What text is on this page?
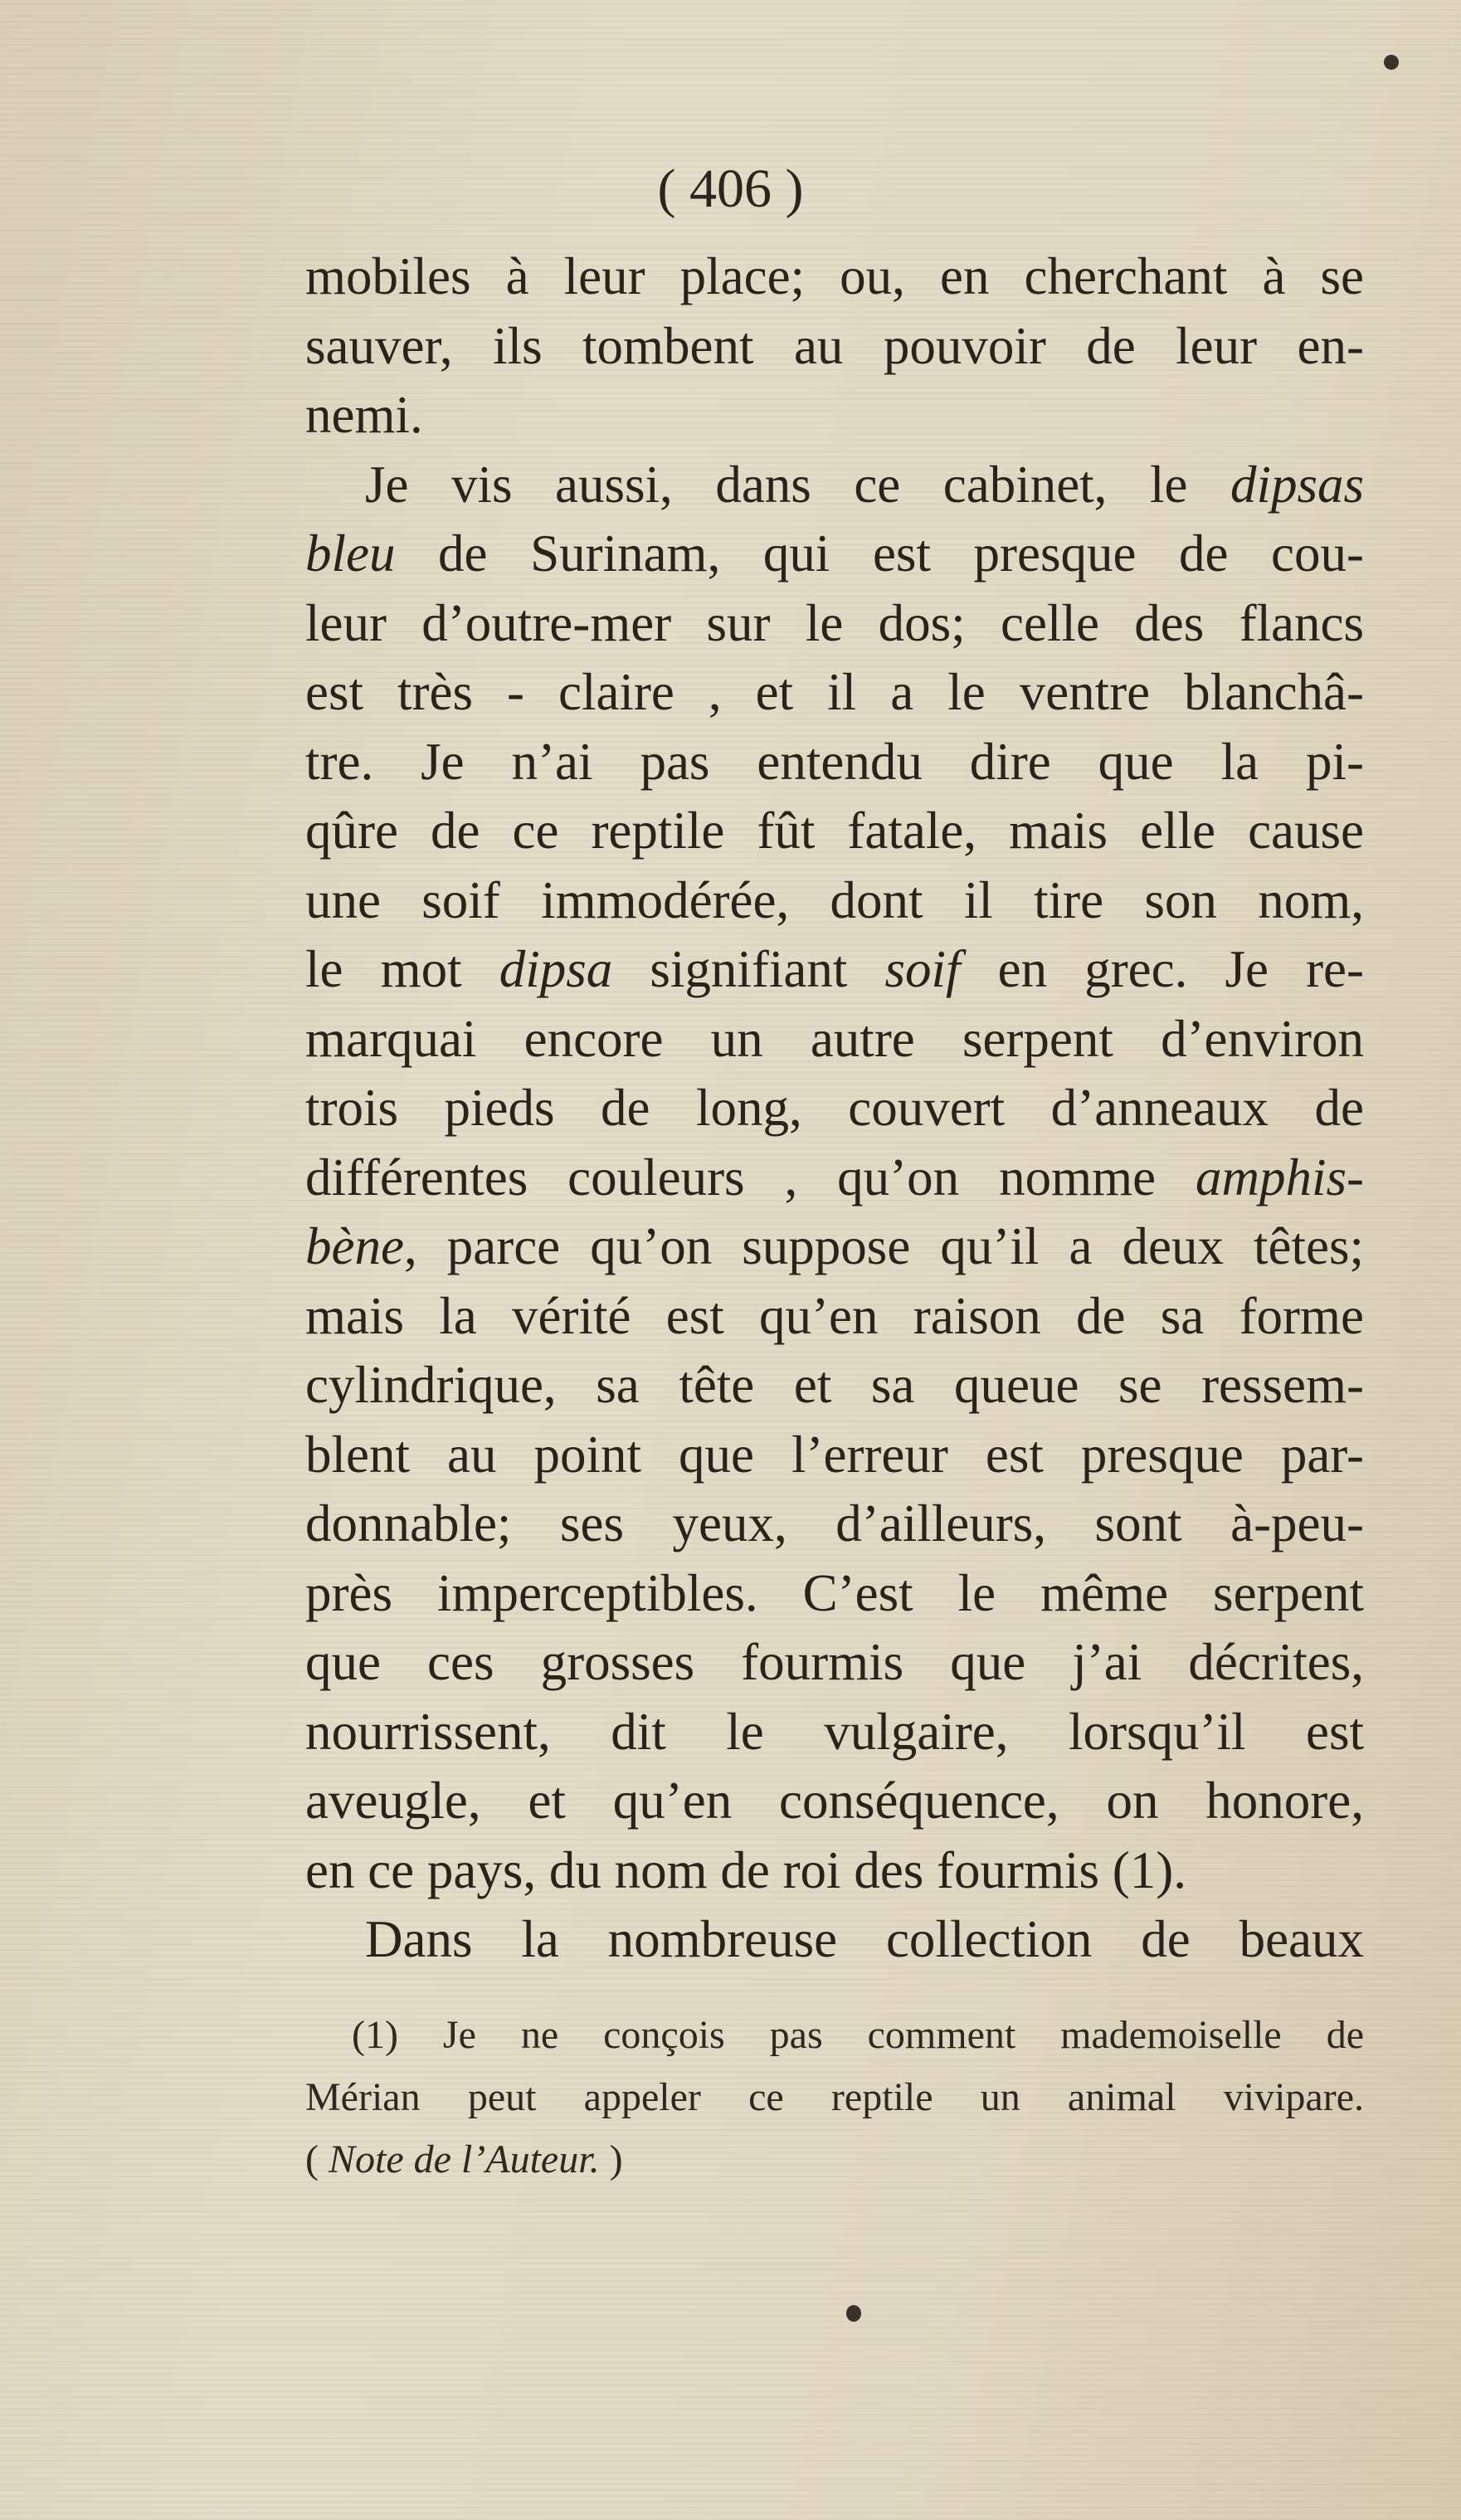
( 406 )
mobiles à leur place; ou, en cherchant à se
sauver, ils tombent au pouvoir de leur en-
nemi.
Je vis aussi, dans ce cabinet, le dipsas
bleu de Surinam, qui est presque de cou-
leur d’outre-mer sur le dos; celle des flancs
est très - claire , et il a le ventre blanchâ-
tre. Je n’ai pas entendu dire que la pi-
qûre de ce reptile fût fatale, mais elle cause
une soif immodérée, dont il tire son nom,
le mot dipsa signifiant soif en grec. Je re-
marquai encore un autre serpent d’environ
trois pieds de long, couvert d’anneaux de
différentes couleurs , qu’on nomme amphis-
bène, parce qu’on suppose qu’il a deux têtes;
mais la vérité est qu’en raison de sa forme
cylindrique, sa tête et sa queue se ressem-
blent au point que l’erreur est presque par-
donnable; ses yeux, d’ailleurs, sont à-peu-
près imperceptibles. C’est le même serpent
que ces grosses fourmis que j’ai décrites,
nourrissent, dit le vulgaire, lorsqu’il est
aveugle, et qu’en conséquence, on honore,
en ce pays, du nom de roi des fourmis (1).
Dans la nombreuse collection de beaux
(1) Je ne conçois pas comment mademoiselle de
Mérian peut appeler ce reptile un animal vivipare.
( Note de l’Auteur. )
